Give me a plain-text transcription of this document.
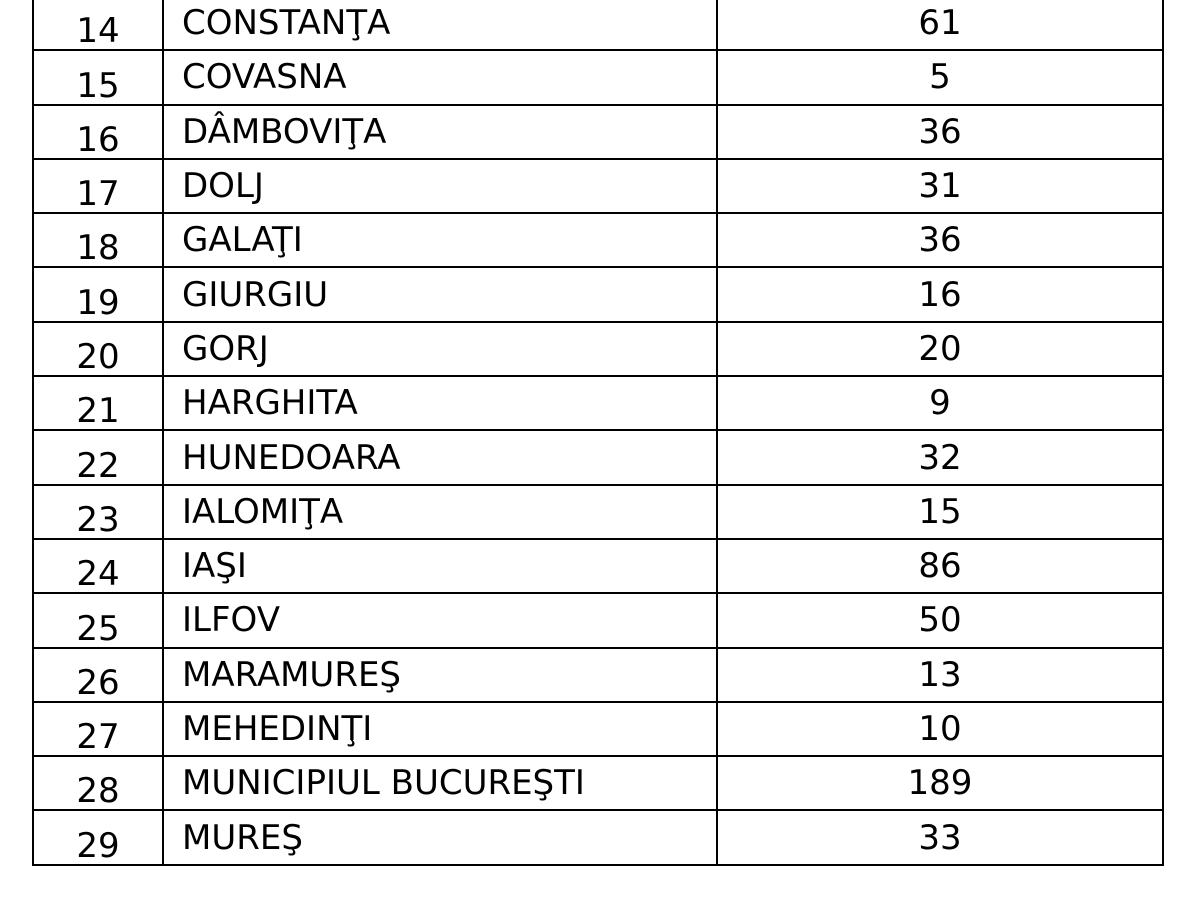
14	CONSTANŢA	61
15	COVASNA	5
16	DÂMBOVIŢA	36
17	DOLJ	31
18	GALAŢI	36
19	GIURGIU	16
20	GORJ	20
21	HARGHITA	9
22	HUNEDOARA	32
23	IALOMIŢA	15
24	IAŞI	86
25	ILFOV	50
26	MARAMUREŞ	13
27	MEHEDINŢI	10
28	MUNICIPIUL BUCUREŞTI	189
29	MUREŞ	33
